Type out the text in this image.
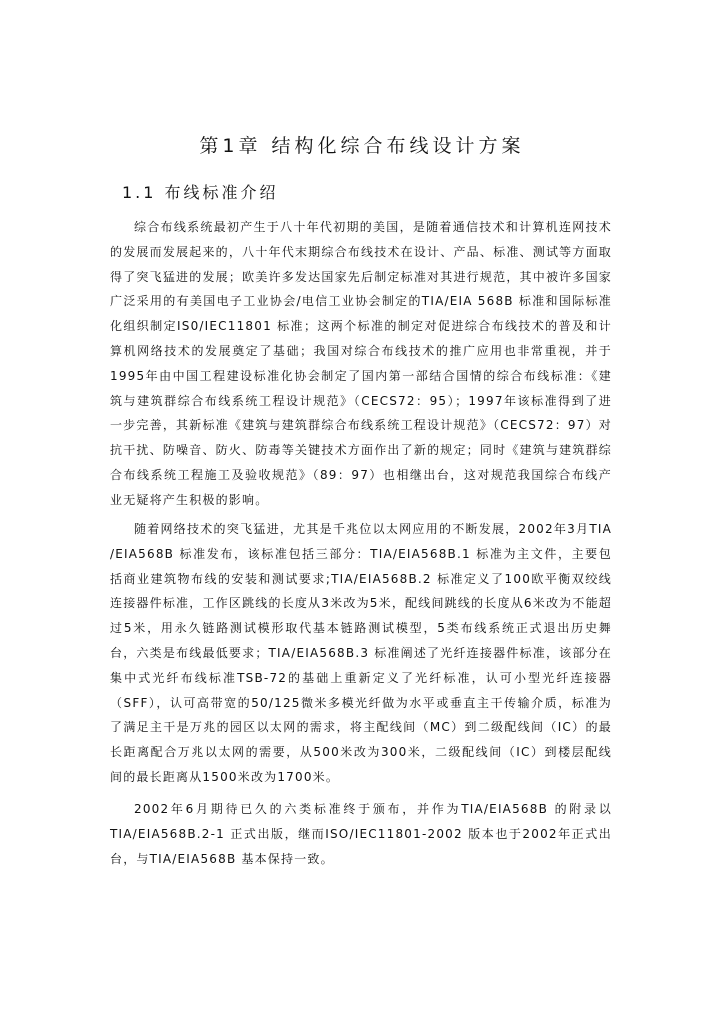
第1章 结构化综合布线设计方案
1.1 布线标准介绍

综合布线系统最初产生于八十年代初期的美国，是随着通信技术和计算机连网技术的发展而发展起来的，八十年代末期综合布线技术在设计、产品、标准、测试等方面取得了突飞猛进的发展；欧美许多发达国家先后制定标准对其进行规范，其中被许多国家广泛采用的有美国电子工业协会/电信工业协会制定的TIA/EIA 568B 标准和国际标准化组织制定IS0/IEC11801 标准；这两个标准的制定对促进综合布线技术的普及和计算机网络技术的发展奠定了基础；我国对综合布线技术的推广应用也非常重视，并于1995年由中国工程建设标准化协会制定了国内第一部结合国情的综合布线标准：《建筑与建筑群综合布线系统工程设计规范》（CECS72：95）；1997年该标准得到了进一步完善，其新标准《建筑与建筑群综合布线系统工程设计规范》（CECS72：97）对抗干扰、防噪音、防火、防毒等关键技术方面作出了新的规定；同时《建筑与建筑群综合布线系统工程施工及验收规范》（89：97）也相继出台，这对规范我国综合布线产业无疑将产生积极的影响。

随着网络技术的突飞猛进，尤其是千兆位以太网应用的不断发展，2002年3月TIA /EIA568B 标准发布，该标准包括三部分：TIA/EIA568B.1 标准为主文件，主要包括商业建筑物布线的安装和测试要求;TIA/EIA568B.2 标准定义了100欧平衡双绞线连接器件标准，工作区跳线的长度从3米改为5米，配线间跳线的长度从6米改为不能超过5米，用永久链路测试模形取代基本链路测试模型，5类布线系统正式退出历史舞台，六类是布线最低要求；TIA/EIA568B.3 标准阐述了光纤连接器件标准，该部分在集中式光纤布线标准TSB-72的基础上重新定义了光纤标准，认可小型光纤连接器（SFF），认可高带宽的50/125微米多模光纤做为水平或垂直主干传输介质，标准为了满足主干是万兆的园区以太网的需求，将主配线间（MC）到二级配线间（IC）的最长距离配合万兆以太网的需要，从500米改为300米，二级配线间（IC）到楼层配线间的最长距离从1500米改为1700米。

2002年6月期待已久的六类标准终于颁布，并作为TIA/EIA568B 的附录以TIA/EIA568B.2-1 正式出版，继而ISO/IEC11801-2002 版本也于2002年正式出台，与TIA/EIA568B 基本保持一致。
